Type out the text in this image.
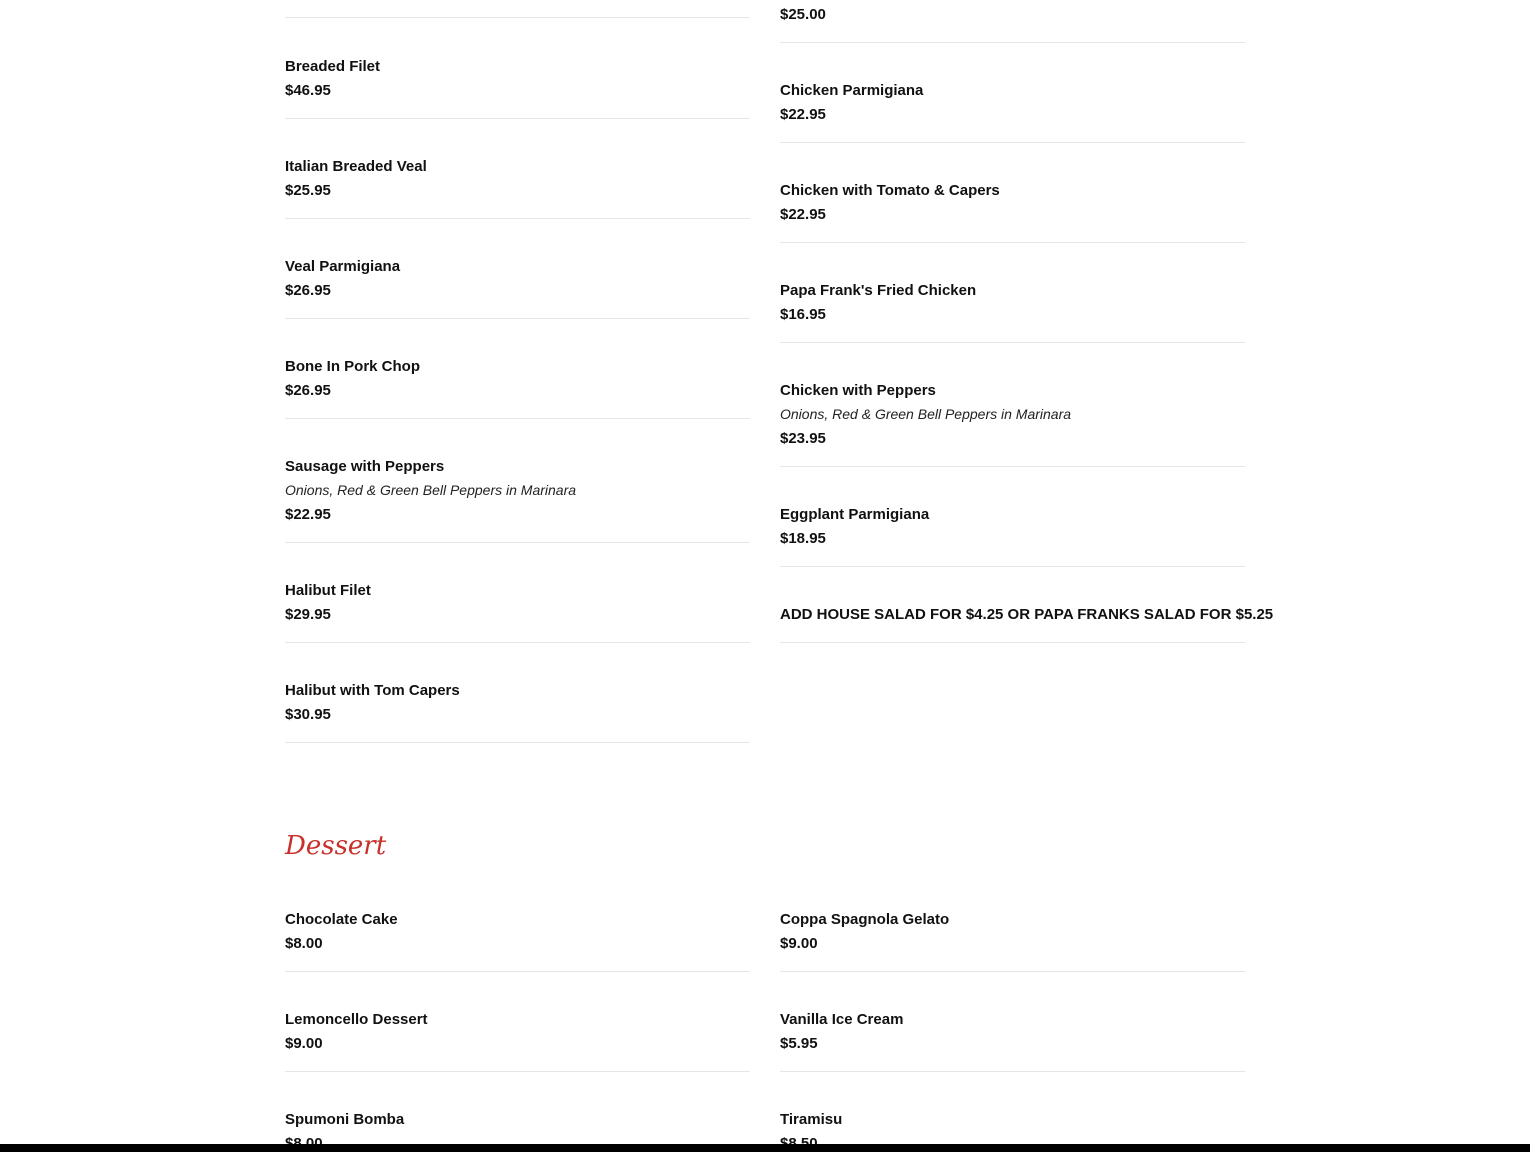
Breaded Filet
$46.95
Italian Breaded Veal
$25.95
Veal Parmigiana
$26.95
Bone In Pork Chop
$26.95
Sausage with Peppers
Onions, Red & Green Bell Peppers in Marinara
$22.95
Halibut Filet
$29.95
Halibut with Tom Capers
$30.95
$25.00
Chicken Parmigiana
$22.95
Chicken with Tomato & Capers
$22.95
Papa Frank's Fried Chicken
$16.95
Chicken with Peppers
Onions, Red & Green Bell Peppers in Marinara
$23.95
Eggplant Parmigiana
$18.95
ADD HOUSE SALAD FOR $4.25 OR PAPA FRANKS SALAD FOR $5.25
Dessert
Chocolate Cake
$8.00
Lemoncello Dessert
$9.00
Spumoni Bomba
Coppa Spagnola Gelato
$9.00
Vanilla Ice Cream
$5.95
Tiramisu
